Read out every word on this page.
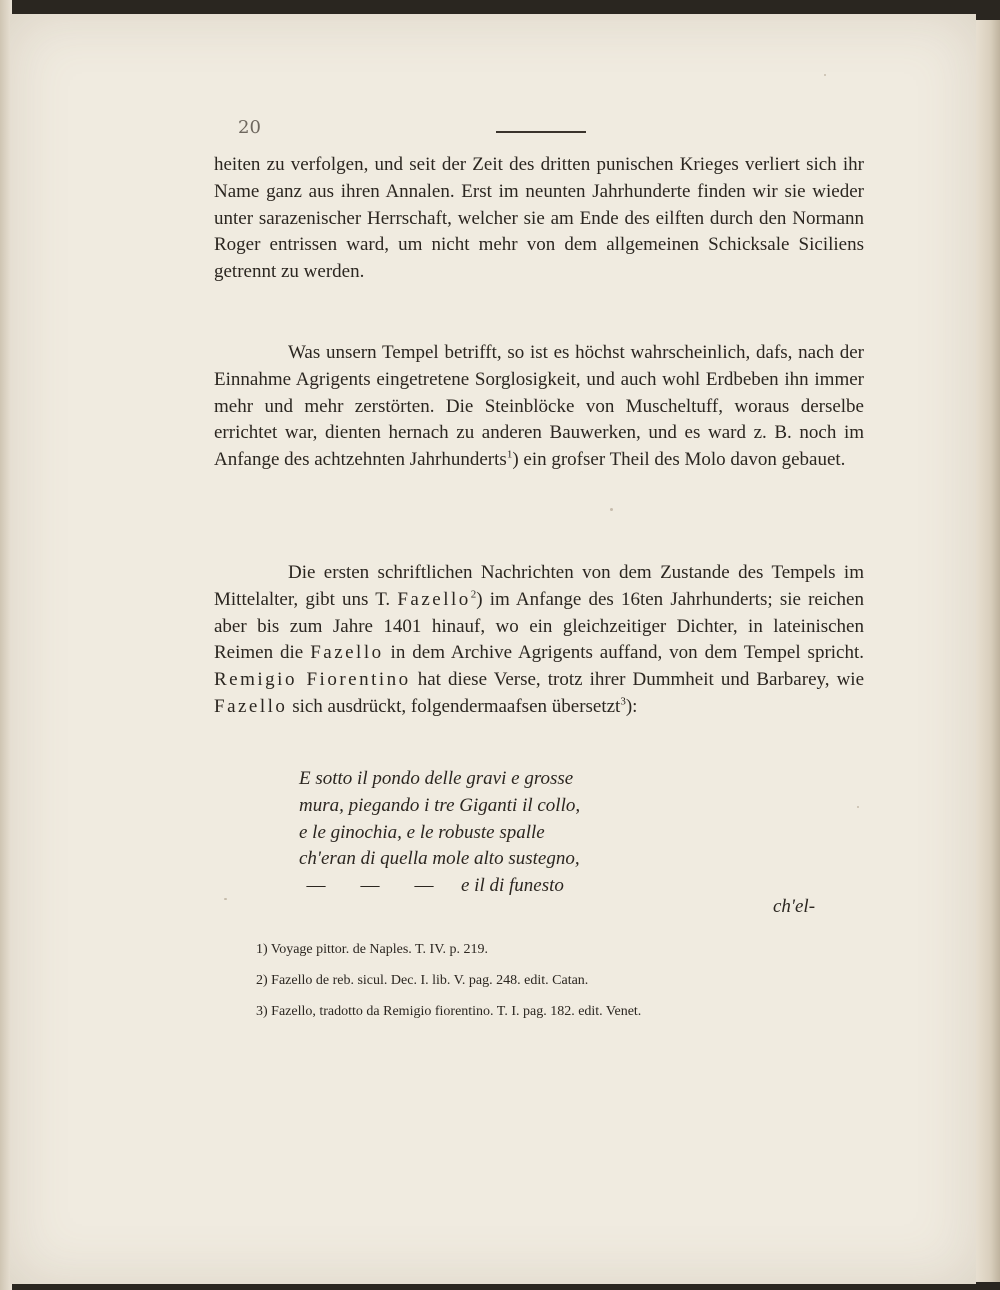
20
heiten zu verfolgen, und seit der Zeit des dritten punischen Krieges verliert sich ihr Name ganz aus ihren Annalen. Erst im neunten Jahrhunderte finden wir sie wieder unter sarazenischer Herrschaft, welcher sie am Ende des eilften durch den Normann Roger entrissen ward, um nicht mehr von dem allgemeinen Schicksale Siciliens getrennt zu werden.
Was unsern Tempel betrifft, so ist es höchst wahrscheinlich, dafs, nach der Einnahme Agrigents eingetretene Sorglosigkeit, und auch wohl Erdbeben ihn immer mehr und mehr zerstörten. Die Steinblöcke von Muscheltuff, woraus derselbe errichtet war, dienten hernach zu anderen Bauwerken, und es ward z. B. noch im Anfange des achtzehnten Jahrhunderts$^1$) ein grofser Theil des Molo davon gebauet.
Die ersten schriftlichen Nachrichten von dem Zustande des Tempels im Mittelalter, gibt uns T. Fazello$^2$) im Anfange des 16ten Jahrhunderts; sie reichen aber bis zum Jahre 1401 hinauf, wo ein gleichzeitiger Dichter, in lateinischen Reimen die Fazello in dem Archive Agrigents auffand, von dem Tempel spricht. Remigio Fiorentino hat diese Verse, trotz ihrer Dummheit und Barbarey, wie Fazello sich ausdrückt, folgendermaafsen übersetzt$^3$):
E sotto il pondo delle gravi e grosse
mura, piegando i tre Giganti il collo,
e le ginochia, e le robuste spalle
ch'eran di quella mole alto sustegno,
— — — e il di funesto
ch'el-
1) Voyage pittor. de Naples. T. IV. p. 219.
2) Fazello de reb. sicul. Dec. I. lib. V. pag. 248. edit. Catan.
3) Fazello, tradotto da Remigio fiorentino. T. I. pag. 182. edit. Venet.
